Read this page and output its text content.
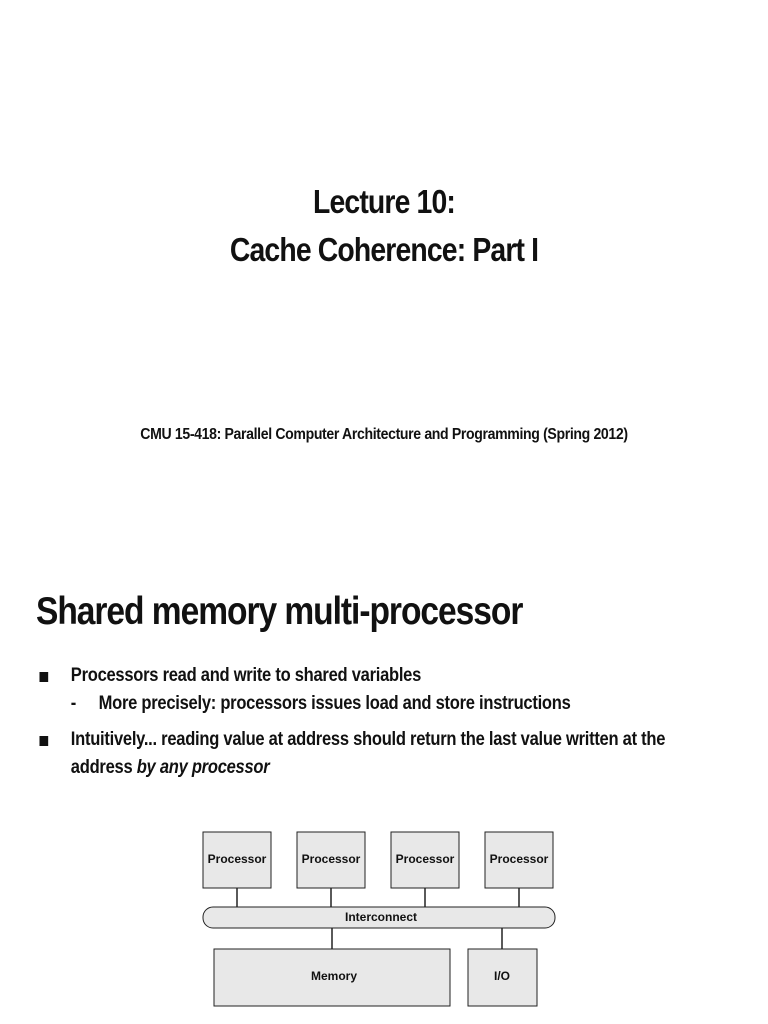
Lecture 10:
Cache Coherence: Part I
CMU 15-418: Parallel Computer Architecture and Programming (Spring 2012)
Shared memory multi-processor
Processors read and write to shared variables
- More precisely: processors issues load and store instructions
Intuitively... reading value at address should return the last value written at the
address by any processor
Processor	Processor	Processor	Processor
Interconnect
Memory	I/O
